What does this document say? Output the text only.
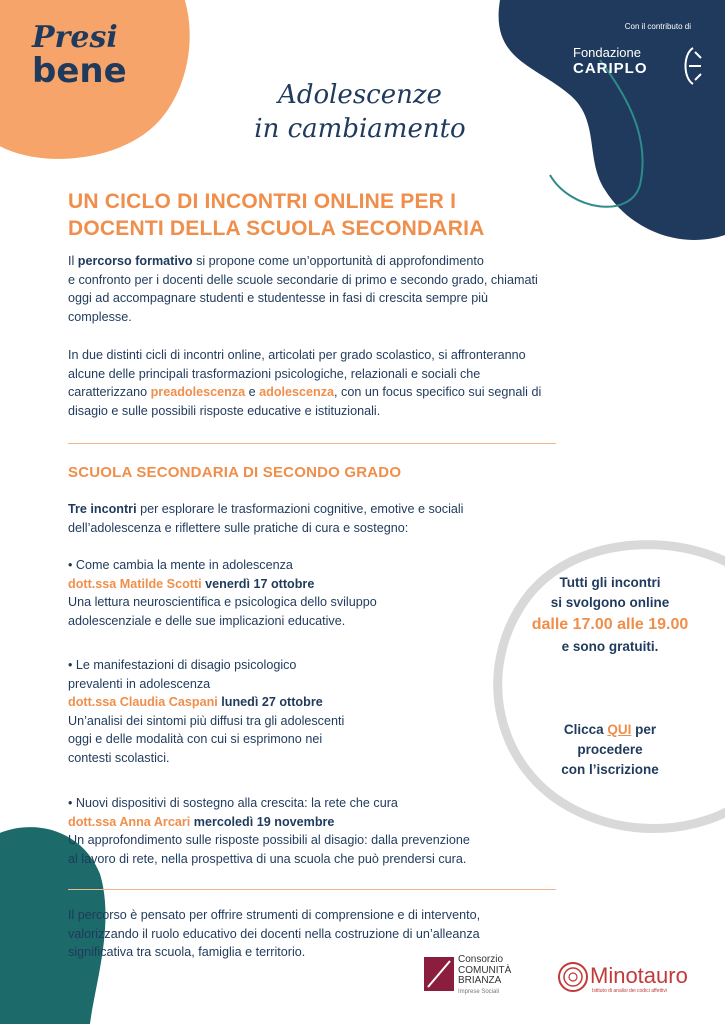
Presi
bene
Con il contributo di
Fondazione
CARIPLO
Adolescenze
in cambiamento
UN CICLO DI INCONTRI ONLINE PER I
DOCENTI DELLA SCUOLA SECONDARIA
Il percorso formativo si propone come un’opportunità di approfondimento
e confronto per i docenti delle scuole secondarie di primo e secondo grado, chiamati
oggi ad accompagnare studenti e studentesse in fasi di crescita sempre più
complesse.
In due distinti cicli di incontri online, articolati per grado scolastico, si affronteranno
alcune delle principali trasformazioni psicologiche, relazionali e sociali che
caratterizzano preadolescenza e adolescenza, con un focus specifico sui segnali di
disagio e sulle possibili risposte educative e istituzionali.
SCUOLA SECONDARIA DI SECONDO GRADO
Tre incontri per esplorare le trasformazioni cognitive, emotive e sociali
dell’adolescenza e riflettere sulle pratiche di cura e sostegno:
• Come cambia la mente in adolescenza
dott.ssa Matilde Scotti venerdì 17 ottobre
Una lettura neuroscientifica e psicologica dello sviluppo
adolescenziale e delle sue implicazioni educative.
• Le manifestazioni di disagio psicologico
prevalenti in adolescenza
dott.ssa Claudia Caspani lunedì 27 ottobre
Un’analisi dei sintomi più diffusi tra gli adolescenti
oggi e delle modalità con cui si esprimono nei
contesti scolastici.
• Nuovi dispositivi di sostegno alla crescita: la rete che cura
dott.ssa Anna Arcari mercoledì 19 novembre
Un approfondimento sulle risposte possibili al disagio: dalla prevenzione
al lavoro di rete, nella prospettiva di una scuola che può prendersi cura.
Tutti gli incontri
si svolgono online
dalle 17.00 alle 19.00
e sono gratuiti.
Clicca QUI per
procedere
con l’iscrizione
Il percorso è pensato per offrire strumenti di comprensione e di intervento,
valorizzando il ruolo educativo dei docenti nella costruzione di un’alleanza
significativa tra scuola, famiglia e territorio.
Consorzio
COMUNITÀ
BRIANZA
Imprese Sociali
Minotauro
Istituto di analisi dei codici affettivi
